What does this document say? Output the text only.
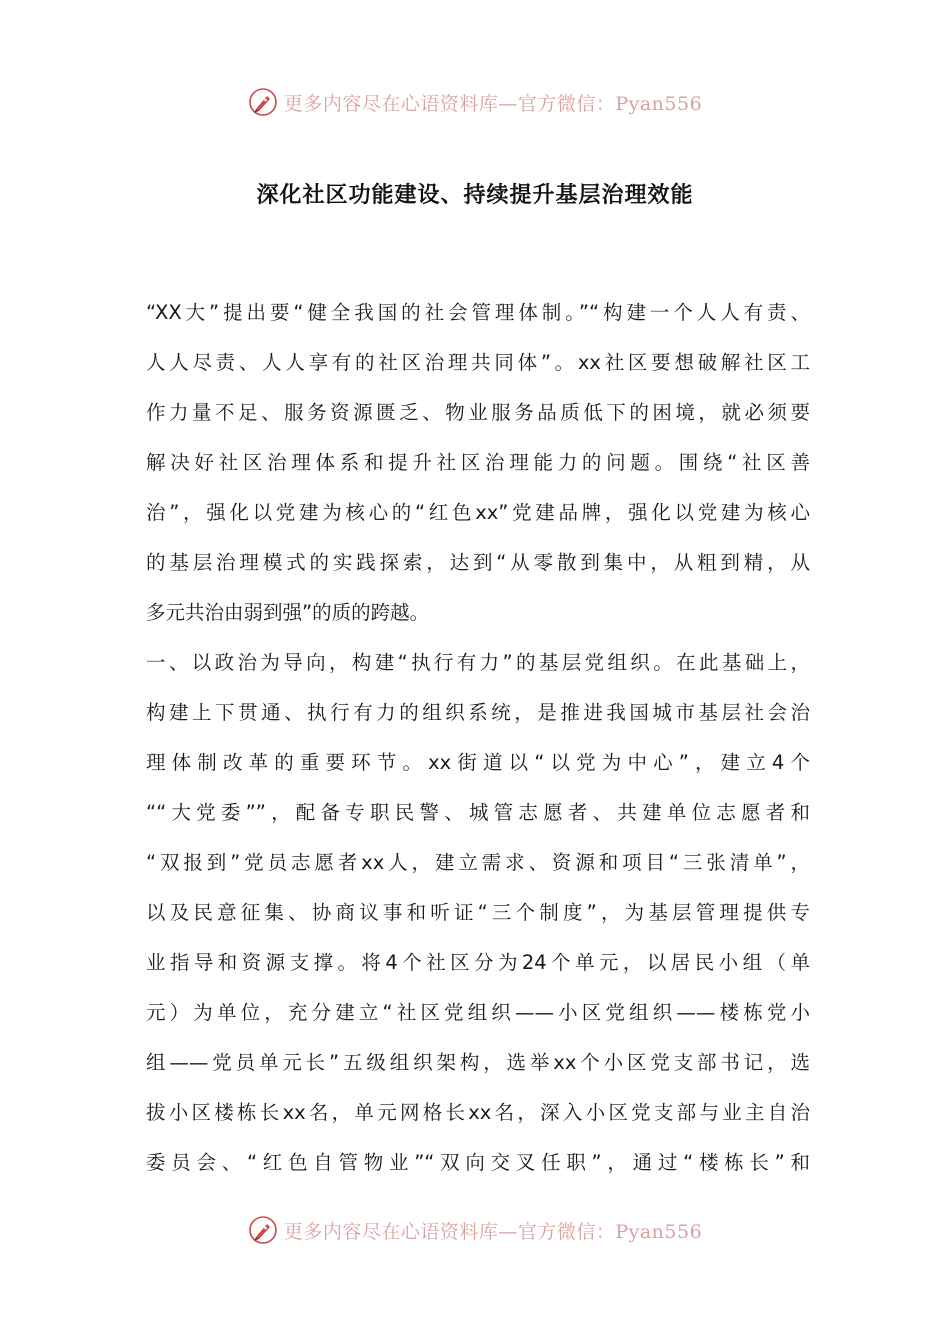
更多内容尽在心语资料库—官方微信：Pyan556
深化社区功能建设、持续提升基层治理效能
“XX大”提出要“健全我国的社会管理体制。”“构建一个人人有责、
人人尽责、人人享有的社区治理共同体”。xx社区要想破解社区工
作力量不足、服务资源匮乏、物业服务品质低下的困境，就必须要
解决好社区治理体系和提升社区治理能力的问题。围绕“社区善
治”，强化以党建为核心的“红色xx”党建品牌，强化以党建为核心
的基层治理模式的实践探索，达到“从零散到集中，从粗到精，从
多元共治由弱到强”的质的跨越。
一、以政治为导向，构建“执行有力”的基层党组织。在此基础上，
构建上下贯通、执行有力的组织系统，是推进我国城市基层社会治
理体制改革的重要环节。xx街道以“以党为中心”，建立4个
““大党委””，配备专职民警、城管志愿者、共建单位志愿者和
“双报到”党员志愿者xx人，建立需求、资源和项目“三张清单”，
以及民意征集、协商议事和听证“三个制度”，为基层管理提供专
业指导和资源支撑。将4个社区分为24个单元，以居民小组（单
元）为单位，充分建立“社区党组织——小区党组织——楼栋党小
组——党员单元长”五级组织架构，选举xx个小区党支部书记，选
拔小区楼栋长xx名，单元网格长xx名，深入小区党支部与业主自治
委员会、“红色自管物业”“双向交叉任职”，通过“楼栋长”和
更多内容尽在心语资料库—官方微信：Pyan556
